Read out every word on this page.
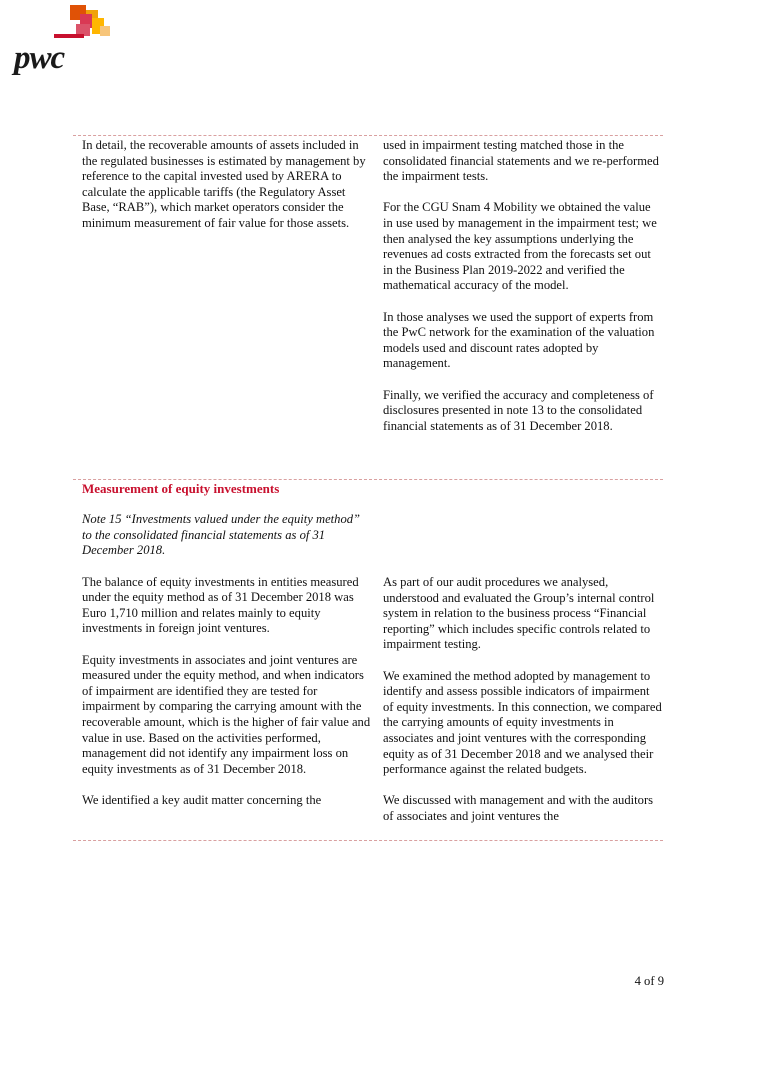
pwc

In detail, the recoverable amounts of assets included in the regulated businesses is estimated by management by reference to the capital invested used by ARERA to calculate the applicable tariffs (the Regulatory Asset Base, “RAB”), which market operators consider the minimum measurement of fair value for those assets.

used in impairment testing matched those in the consolidated financial statements and we re-performed the impairment tests.

For the CGU Snam 4 Mobility we obtained the value in use used by management in the impairment test; we then analysed the key assumptions underlying the revenues ad costs extracted from the forecasts set out in the Business Plan 2019-2022 and verified the mathematical accuracy of the model.

In those analyses we used the support of experts from the PwC network for the examination of the valuation models used and discount rates adopted by management.

Finally, we verified the accuracy and completeness of disclosures presented in note 13 to the consolidated financial statements as of 31 December 2018.

Measurement of equity investments

Note 15 “Investments valued under the equity method” to the consolidated financial statements as of 31 December 2018.

The balance of equity investments in entities measured under the equity method as of 31 December 2018 was Euro 1,710 million and relates mainly to equity investments in foreign joint ventures.

Equity investments in associates and joint ventures are measured under the equity method, and when indicators of impairment are identified they are tested for impairment by comparing the carrying amount with the recoverable amount, which is the higher of fair value and value in use. Based on the activities performed, management did not identify any impairment loss on equity investments as of 31 December 2018.

We identified a key audit matter concerning the

As part of our audit procedures we analysed, understood and evaluated the Group’s internal control system in relation to the business process “Financial reporting” which includes specific controls related to impairment testing.

We examined the method adopted by management to identify and assess possible indicators of impairment of equity investments. In this connection, we compared the carrying amounts of equity investments in associates and joint ventures with the corresponding equity as of 31 December 2018 and we analysed their performance against the related budgets.

We discussed with management and with the auditors of associates and joint ventures the

4 of 9
